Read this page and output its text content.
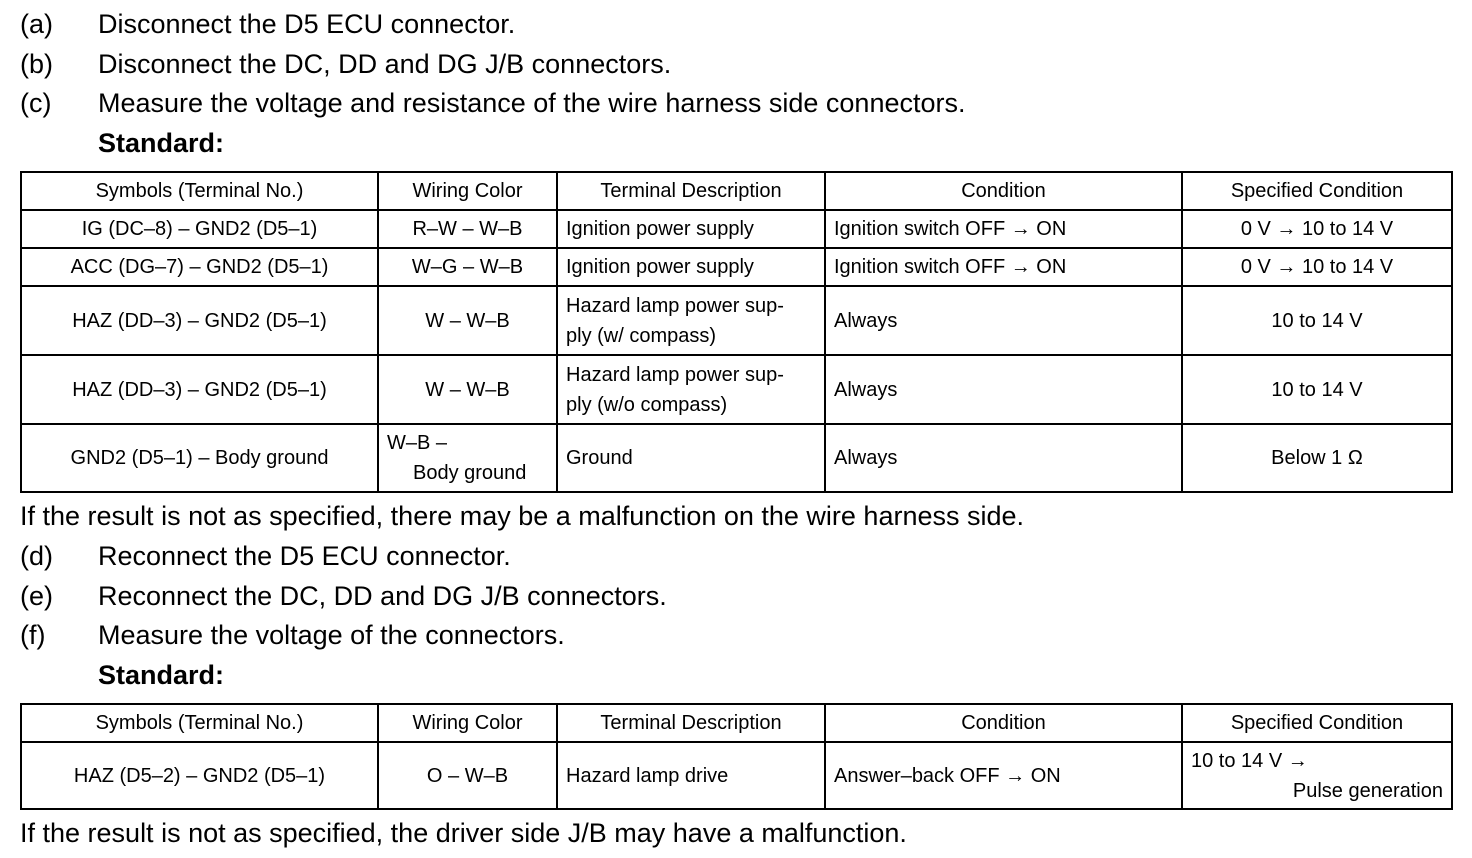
(a) Disconnect the D5 ECU connector.
(b) Disconnect the DC, DD and DG J/B connectors.
(c) Measure the voltage and resistance of the wire harness side connectors.
Standard:
Symbols (Terminal No.)	Wiring Color	Terminal Description	Condition	Specified Condition
IG (DC–8) – GND2 (D5–1)	R–W – W–B	Ignition power supply	Ignition switch OFF → ON	0 V → 10 to 14 V
ACC (DG–7) – GND2 (D5–1)	W–G – W–B	Ignition power supply	Ignition switch OFF → ON	0 V → 10 to 14 V
HAZ (DD–3) – GND2 (D5–1)	W – W–B	Hazard lamp power sup-
ply (w/ compass)	Always	10 to 14 V
HAZ (DD–3) – GND2 (D5–1)	W – W–B	Hazard lamp power sup-
ply (w/o compass)	Always	10 to 14 V
GND2 (D5–1) – Body ground	W–B –
Body ground	Ground	Always	Below 1 Ω
If the result is not as specified, there may be a malfunction on the wire harness side.
(d) Reconnect the D5 ECU connector.
(e) Reconnect the DC, DD and DG J/B connectors.
(f) Measure the voltage of the connectors.
Standard:
Symbols (Terminal No.)	Wiring Color	Terminal Description	Condition	Specified Condition
HAZ (D5–2) – GND2 (D5–1)	O – W–B	Hazard lamp drive	Answer–back OFF → ON	10 to 14 V →
Pulse generation
If the result is not as specified, the driver side J/B may have a malfunction.
